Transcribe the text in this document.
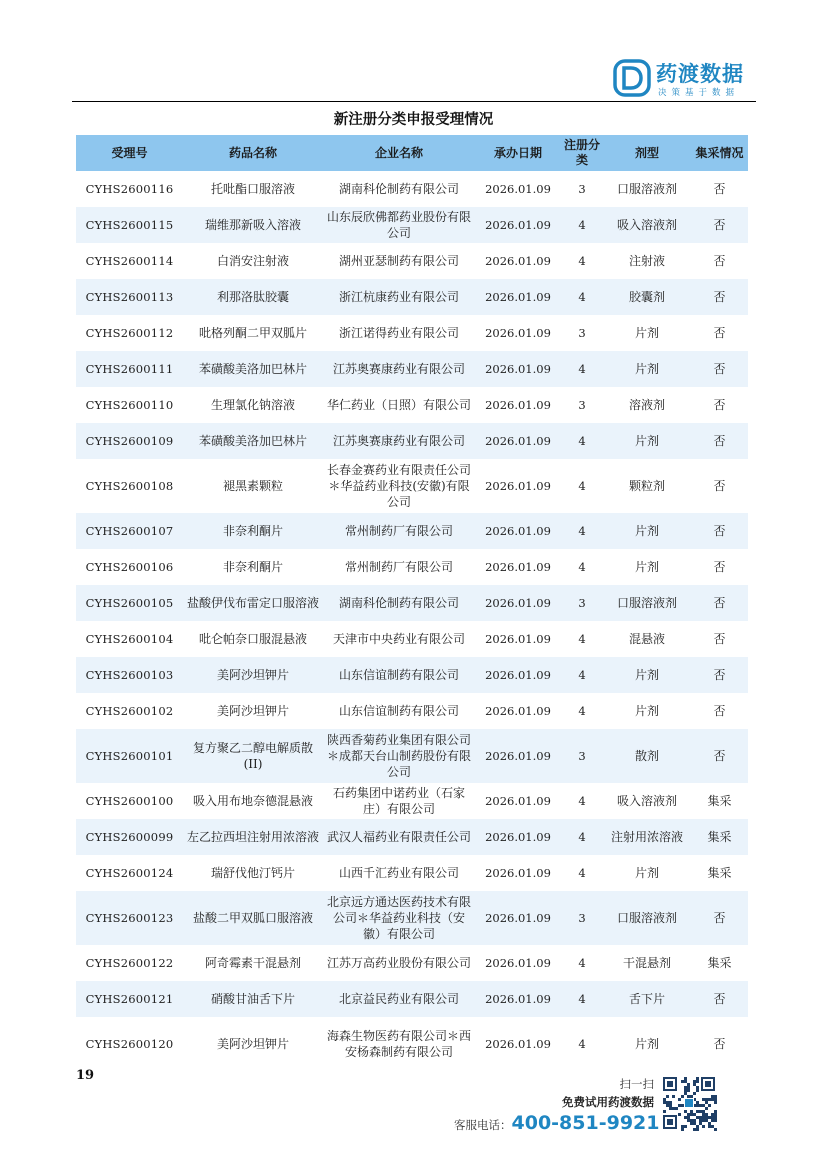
药渡数据
决策基于数据
新注册分类申报受理情况
受理号	药品名称	企业名称	承办日期	注册分类	剂型	集采情况
CYHS2600116	托吡酯口服溶液	湖南科伦制药有限公司	2026.01.09	3	口服溶液剂	否
CYHS2600115	瑞维那新吸入溶液	山东辰欣佛都药业股份有限公司	2026.01.09	4	吸入溶液剂	否
CYHS2600114	白消安注射液	湖州亚瑟制药有限公司	2026.01.09	4	注射液	否
CYHS2600113	利那洛肽胶囊	浙江杭康药业有限公司	2026.01.09	4	胶囊剂	否
CYHS2600112	吡格列酮二甲双胍片	浙江诺得药业有限公司	2026.01.09	3	片剂	否
CYHS2600111	苯磺酸美洛加巴林片	江苏奥赛康药业有限公司	2026.01.09	4	片剂	否
CYHS2600110	生理氯化钠溶液	华仁药业（日照）有限公司	2026.01.09	3	溶液剂	否
CYHS2600109	苯磺酸美洛加巴林片	江苏奥赛康药业有限公司	2026.01.09	4	片剂	否
CYHS2600108	褪黑素颗粒	长春金赛药业有限责任公司＊华益药业科技(安徽)有限公司	2026.01.09	4	颗粒剂	否
CYHS2600107	非奈利酮片	常州制药厂有限公司	2026.01.09	4	片剂	否
CYHS2600106	非奈利酮片	常州制药厂有限公司	2026.01.09	4	片剂	否
CYHS2600105	盐酸伊伐布雷定口服溶液	湖南科伦制药有限公司	2026.01.09	3	口服溶液剂	否
CYHS2600104	吡仑帕奈口服混悬液	天津市中央药业有限公司	2026.01.09	4	混悬液	否
CYHS2600103	美阿沙坦钾片	山东信谊制药有限公司	2026.01.09	4	片剂	否
CYHS2600102	美阿沙坦钾片	山东信谊制药有限公司	2026.01.09	4	片剂	否
CYHS2600101	复方聚乙二醇电解质散(II)	陕西香菊药业集团有限公司＊成都天台山制药股份有限公司	2026.01.09	3	散剂	否
CYHS2600100	吸入用布地奈德混悬液	石药集团中诺药业（石家庄）有限公司	2026.01.09	4	吸入溶液剂	集采
CYHS2600099	左乙拉西坦注射用浓溶液	武汉人福药业有限责任公司	2026.01.09	4	注射用浓溶液	集采
CYHS2600124	瑞舒伐他汀钙片	山西千汇药业有限公司	2026.01.09	4	片剂	集采
CYHS2600123	盐酸二甲双胍口服溶液	北京远方通达医药技术有限公司＊华益药业科技（安徽）有限公司	2026.01.09	3	口服溶液剂	否
CYHS2600122	阿奇霉素干混悬剂	江苏万高药业股份有限公司	2026.01.09	4	干混悬剂	集采
CYHS2600121	硝酸甘油舌下片	北京益民药业有限公司	2026.01.09	4	舌下片	否
CYHS2600120	美阿沙坦钾片	海森生物医药有限公司＊西安杨森制药有限公司	2026.01.09	4	片剂	否
19
扫一扫
免费试用药渡数据
客服电话：400-851-9921
